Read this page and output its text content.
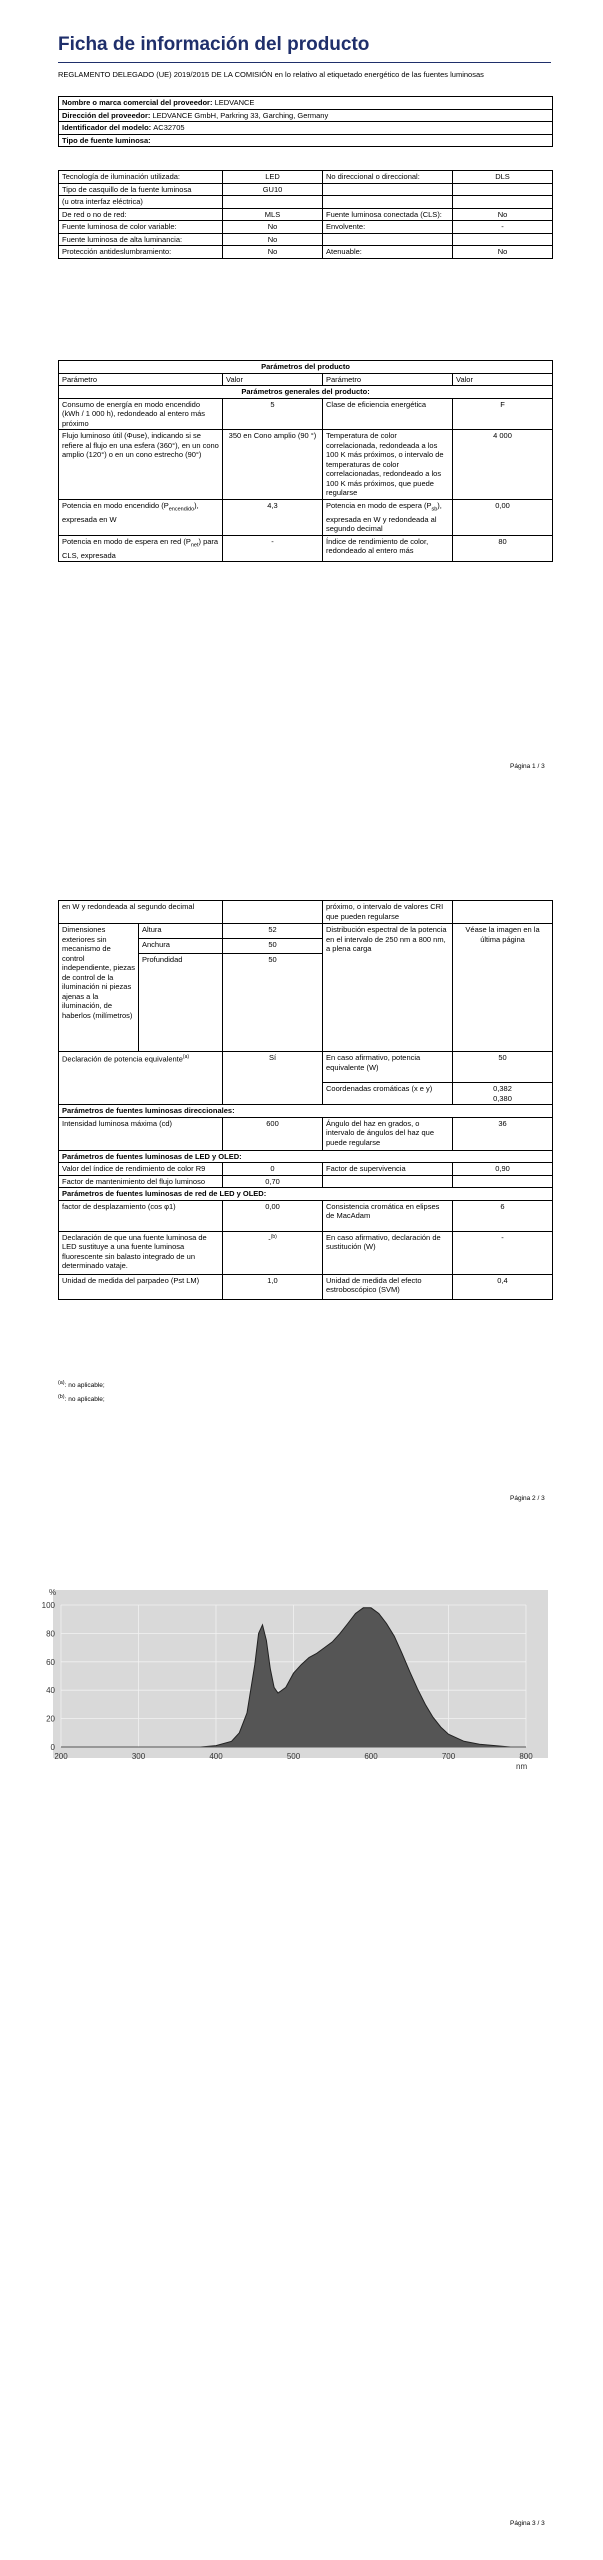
Ficha de información del producto
REGLAMENTO DELEGADO (UE) 2019/2015 DE LA COMISIÓN en lo relativo al etiquetado energético de las fuentes luminosas
Nombre o marca comercial del proveedor: LEDVANCE
Dirección del proveedor: LEDVANCE GmbH, Parkring 33, Garching, Germany
Identificador del modelo: AC32705
Tipo de fuente luminosa:
Tecnología de iluminación utilizada:	LED	No direccional o direccional:	DLS
Tipo de casquillo de la fuente luminosa	GU10		
(u otra interfaz eléctrica)			
De red o no de red:	MLS	Fuente luminosa conectada (CLS):	No
Fuente luminosa de color variable:	No	Envolvente:	-
Fuente luminosa de alta luminancia:	No		
Protección antideslumbramiento:	No	Atenuable:	No
Parámetros del producto			
Parámetro	Valor	Parámetro	Valor
Parámetros generales del producto:			
Consumo de energía en modo encendido (kWh / 1 000 h), redondeado al entero más próximo	5	Clase de eficiencia energética	F
Flujo luminoso útil (Φuse), indicando si se refiere al flujo en una esfera (360°), en un cono amplio (120°) o en un cono estrecho (90°)	350 en Cono amplio (90 °)	Temperatura de color correlacionada, redondeada a los 100 K más próximos, o intervalo de temperaturas de color correlacionadas, redondeado a los 100 K más próximos, que puede regularse	4 000
Potencia en modo encendido $(P_{encendido})$, expresada en W	4,3	Potencia en modo de espera $(P_{sb})$, expresada en W y redondeada al segundo decimal	0,00
Potencia en modo de espera en red $(P_{net})$ para CLS, expresada	-	Índice de rendimiento de color, redondeado al entero más	80
Página 1 / 3
en W y redondeada al segundo decimal			próximo, o intervalo de valores CRI que pueden regularse	
Dimensiones exteriores sin mecanismo de control independiente, piezas de control de la iluminación ni piezas ajenas a la iluminación, de haberlos (milímetros)	Altura	52	Distribución espectral de la potencia en el intervalo de 250 nm a 800 nm, a plena carga	Véase la imagen en la última página
	Anchura	50		
	Profundidad	50		
Declaración de potencia equivalente$^{(a)}$		Sí	En caso afirmativo, potencia equivalente (W)	50
			Coordenadas cromáticas (x e y)	0,382
0,380
Parámetros de fuentes luminosas direccionales:				
Intensidad luminosa máxima (cd)		600	Ángulo del haz en grados, o intervalo de ángulos del haz que puede regularse	36
Parámetros de fuentes luminosas de LED y OLED:				
Valor del índice de rendimiento de color R9		0	Factor de supervivencia	0,90
Factor de mantenimiento del flujo luminoso		0,70		
Parámetros de fuentes luminosas de red de LED y OLED:				
factor de desplazamiento (cos φ1)		0,00	Consistencia cromática en elipses de MacAdam	6
Declaración de que una fuente luminosa de LED sustituye a una fuente luminosa fluorescente sin balasto integrado de un determinado vataje.		-$^{(b)}$	En caso afirmativo, declaración de sustitución (W)	-
Unidad de medida del parpadeo (Pst LM)		1,0	Unidad de medida del efecto estroboscópico (SVM)	0,4
$^{(a)}$: no aplicable;
$^{(b)}$: no aplicable;
Página 2 / 3
0
20
40
60
80
100
200	300	400	500	600	700	800
%
nm
Página 3 / 3
